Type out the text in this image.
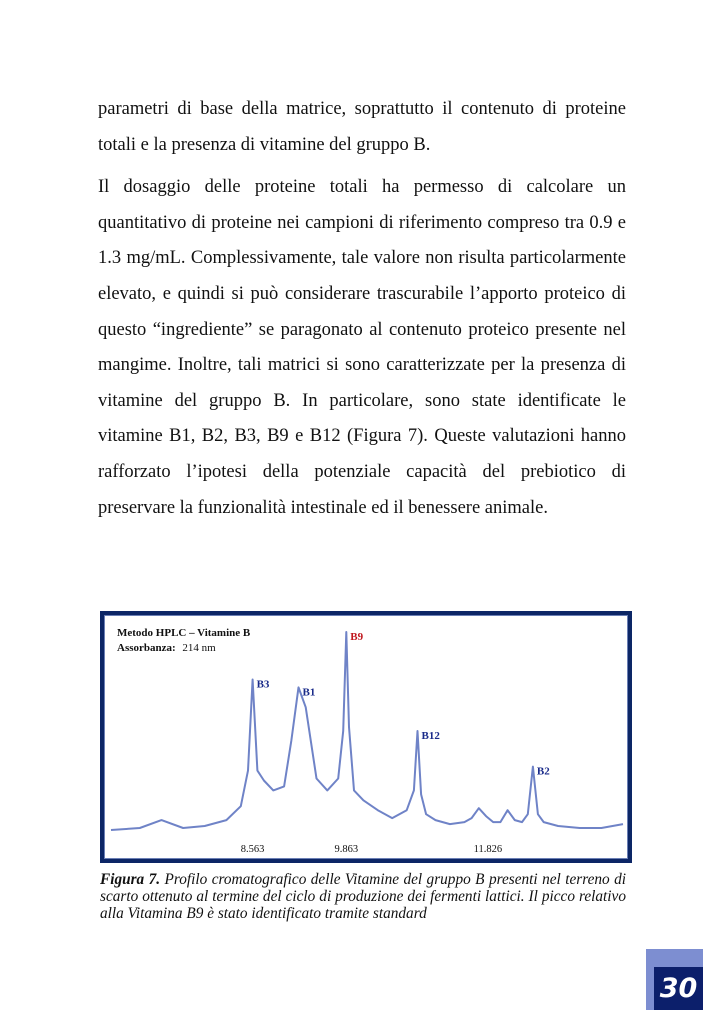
parametri di base della matrice, soprattutto il contenuto di proteine totali e la presenza di vitamine del gruppo B.

Il dosaggio delle proteine totali ha permesso di calcolare un quantitativo di proteine nei campioni di riferimento compreso tra 0.9 e 1.3 mg/mL. Complessivamente, tale valore non risulta particolarmente elevato, e quindi si può considerare trascurabile l’apporto proteico di questo “ingrediente” se paragonato al contenuto proteico presente nel mangime. Inoltre, tali matrici si sono caratterizzate per la presenza di vitamine del gruppo B. In particolare, sono state identificate le vitamine B1, B2, B3, B9 e B12 (Figura 7). Queste valutazioni hanno rafforzato l’ipotesi della potenziale capacità del prebiotico di preservare la funzionalità intestinale ed il benessere animale.

Metodo HPLC – Vitamine B
Assorbanza: 214 nm
B3
B1
B9
B12
B2
8.563	9.863	11.826
Figura 7. Profilo cromatografico delle Vitamine del gruppo B presenti nel terreno di scarto ottenuto al termine del ciclo di produzione dei fermenti lattici. Il picco relativo alla Vitamina B9 è stato identificato tramite standard
30
